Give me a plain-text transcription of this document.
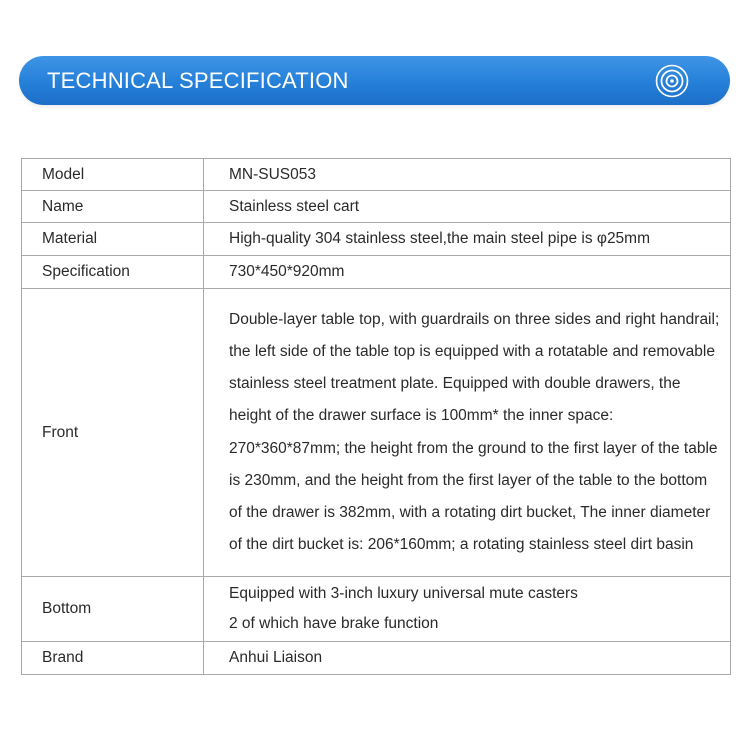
TECHNICAL SPECIFICATION
Model	MN-SUS053
Name	Stainless steel cart
Material	High-quality 304 stainless steel,the main steel pipe is φ25mm
Specification	730*450*920mm
Front	Double-layer table top, with guardrails on three sides and right handrail; the left side of the table top is equipped with a rotatable and removable stainless steel treatment plate. Equipped with double drawers, the height of the drawer surface is 100mm* the inner space: 270*360*87mm; the height from the ground to the first layer of the table is 230mm, and the height from the first layer of the table to the bottom of the drawer is 382mm, with a rotating dirt bucket, The inner diameter of the dirt bucket is: 206*160mm; a rotating stainless steel dirt basin
Bottom	Equipped with 3-inch luxury universal mute casters
2 of which have brake function

Brand	Anhui Liaison
